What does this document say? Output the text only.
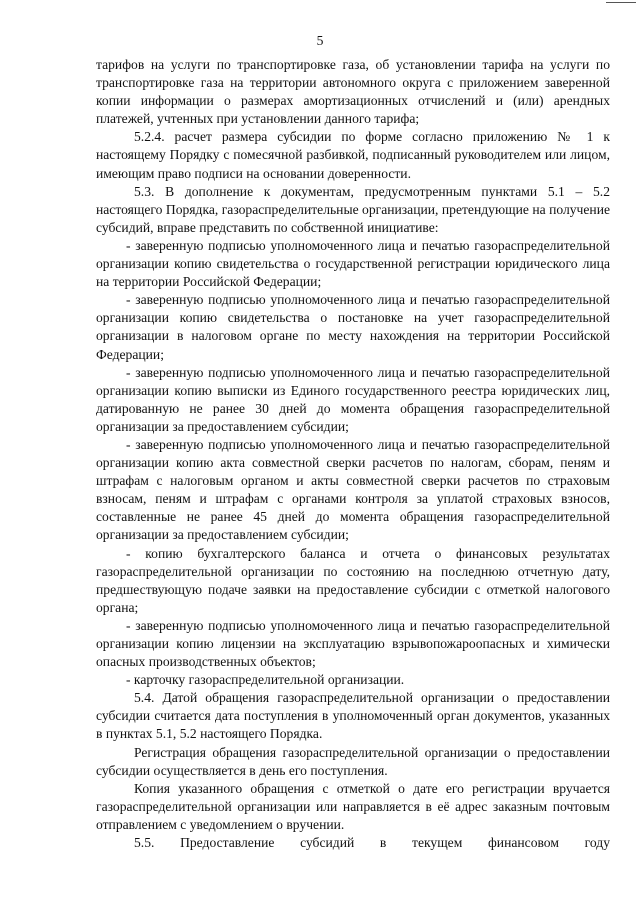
5

тарифов на услуги по транспортировке газа, об установлении тарифа на услуги по транспортировке газа на территории автономного округа с приложением заверенной копии информации о размерах амортизационных отчислений и (или) арендных платежей, учтенных при установлении данного тарифа;

5.2.4. расчет размера субсидии по форме согласно приложению № 1 к настоящему Порядку с помесячной разбивкой, подписанный руководителем или лицом, имеющим право подписи на основании доверенности.

5.3. В дополнение к документам, предусмотренным пунктами 5.1 – 5.2 настоящего Порядка, газораспределительные организации, претендующие на получение субсидий, вправе представить по собственной инициативе:

- заверенную подписью уполномоченного лица и печатью газораспределительной организации копию свидетельства о государственной регистрации юридического лица на территории Российской Федерации;

- заверенную подписью уполномоченного лица и печатью газораспределительной организации копию свидетельства о постановке на учет газораспределительной организации в налоговом органе по месту нахождения на территории Российской Федерации;

- заверенную подписью уполномоченного лица и печатью газораспределительной организации копию выписки из Единого государственного реестра юридических лиц, датированную не ранее 30 дней до момента обращения газораспределительной организации за предоставлением субсидии;

- заверенную подписью уполномоченного лица и печатью газораспределительной организации копию акта совместной сверки расчетов по налогам, сборам, пеням и штрафам с налоговым органом и акты совместной сверки расчетов по страховым взносам, пеням и штрафам с органами контроля за уплатой страховых взносов, составленные не ранее 45 дней до момента обращения газораспределительной организации за предоставлением субсидии;

- копию бухгалтерского баланса и отчета о финансовых результатах газораспределительной организации по состоянию на последнюю отчетную дату, предшествующую подаче заявки на предоставление субсидии с отметкой налогового органа;

- заверенную подписью уполномоченного лица и печатью газораспределительной организации копию лицензии на эксплуатацию взрывопожароопасных и химически опасных производственных объектов;

- карточку газораспределительной организации.

5.4. Датой обращения газораспределительной организации о предоставлении субсидии считается дата поступления в уполномоченный орган документов, указанных в пунктах 5.1, 5.2 настоящего Порядка.

Регистрация обращения газораспределительной организации о предоставлении субсидии осуществляется в день его поступления.

Копия указанного обращения с отметкой о дате его регистрации вручается газораспределительной организации или направляется в её адрес заказным почтовым отправлением с уведомлением о вручении.

5.5. Предоставление субсидий в текущем финансовом году
